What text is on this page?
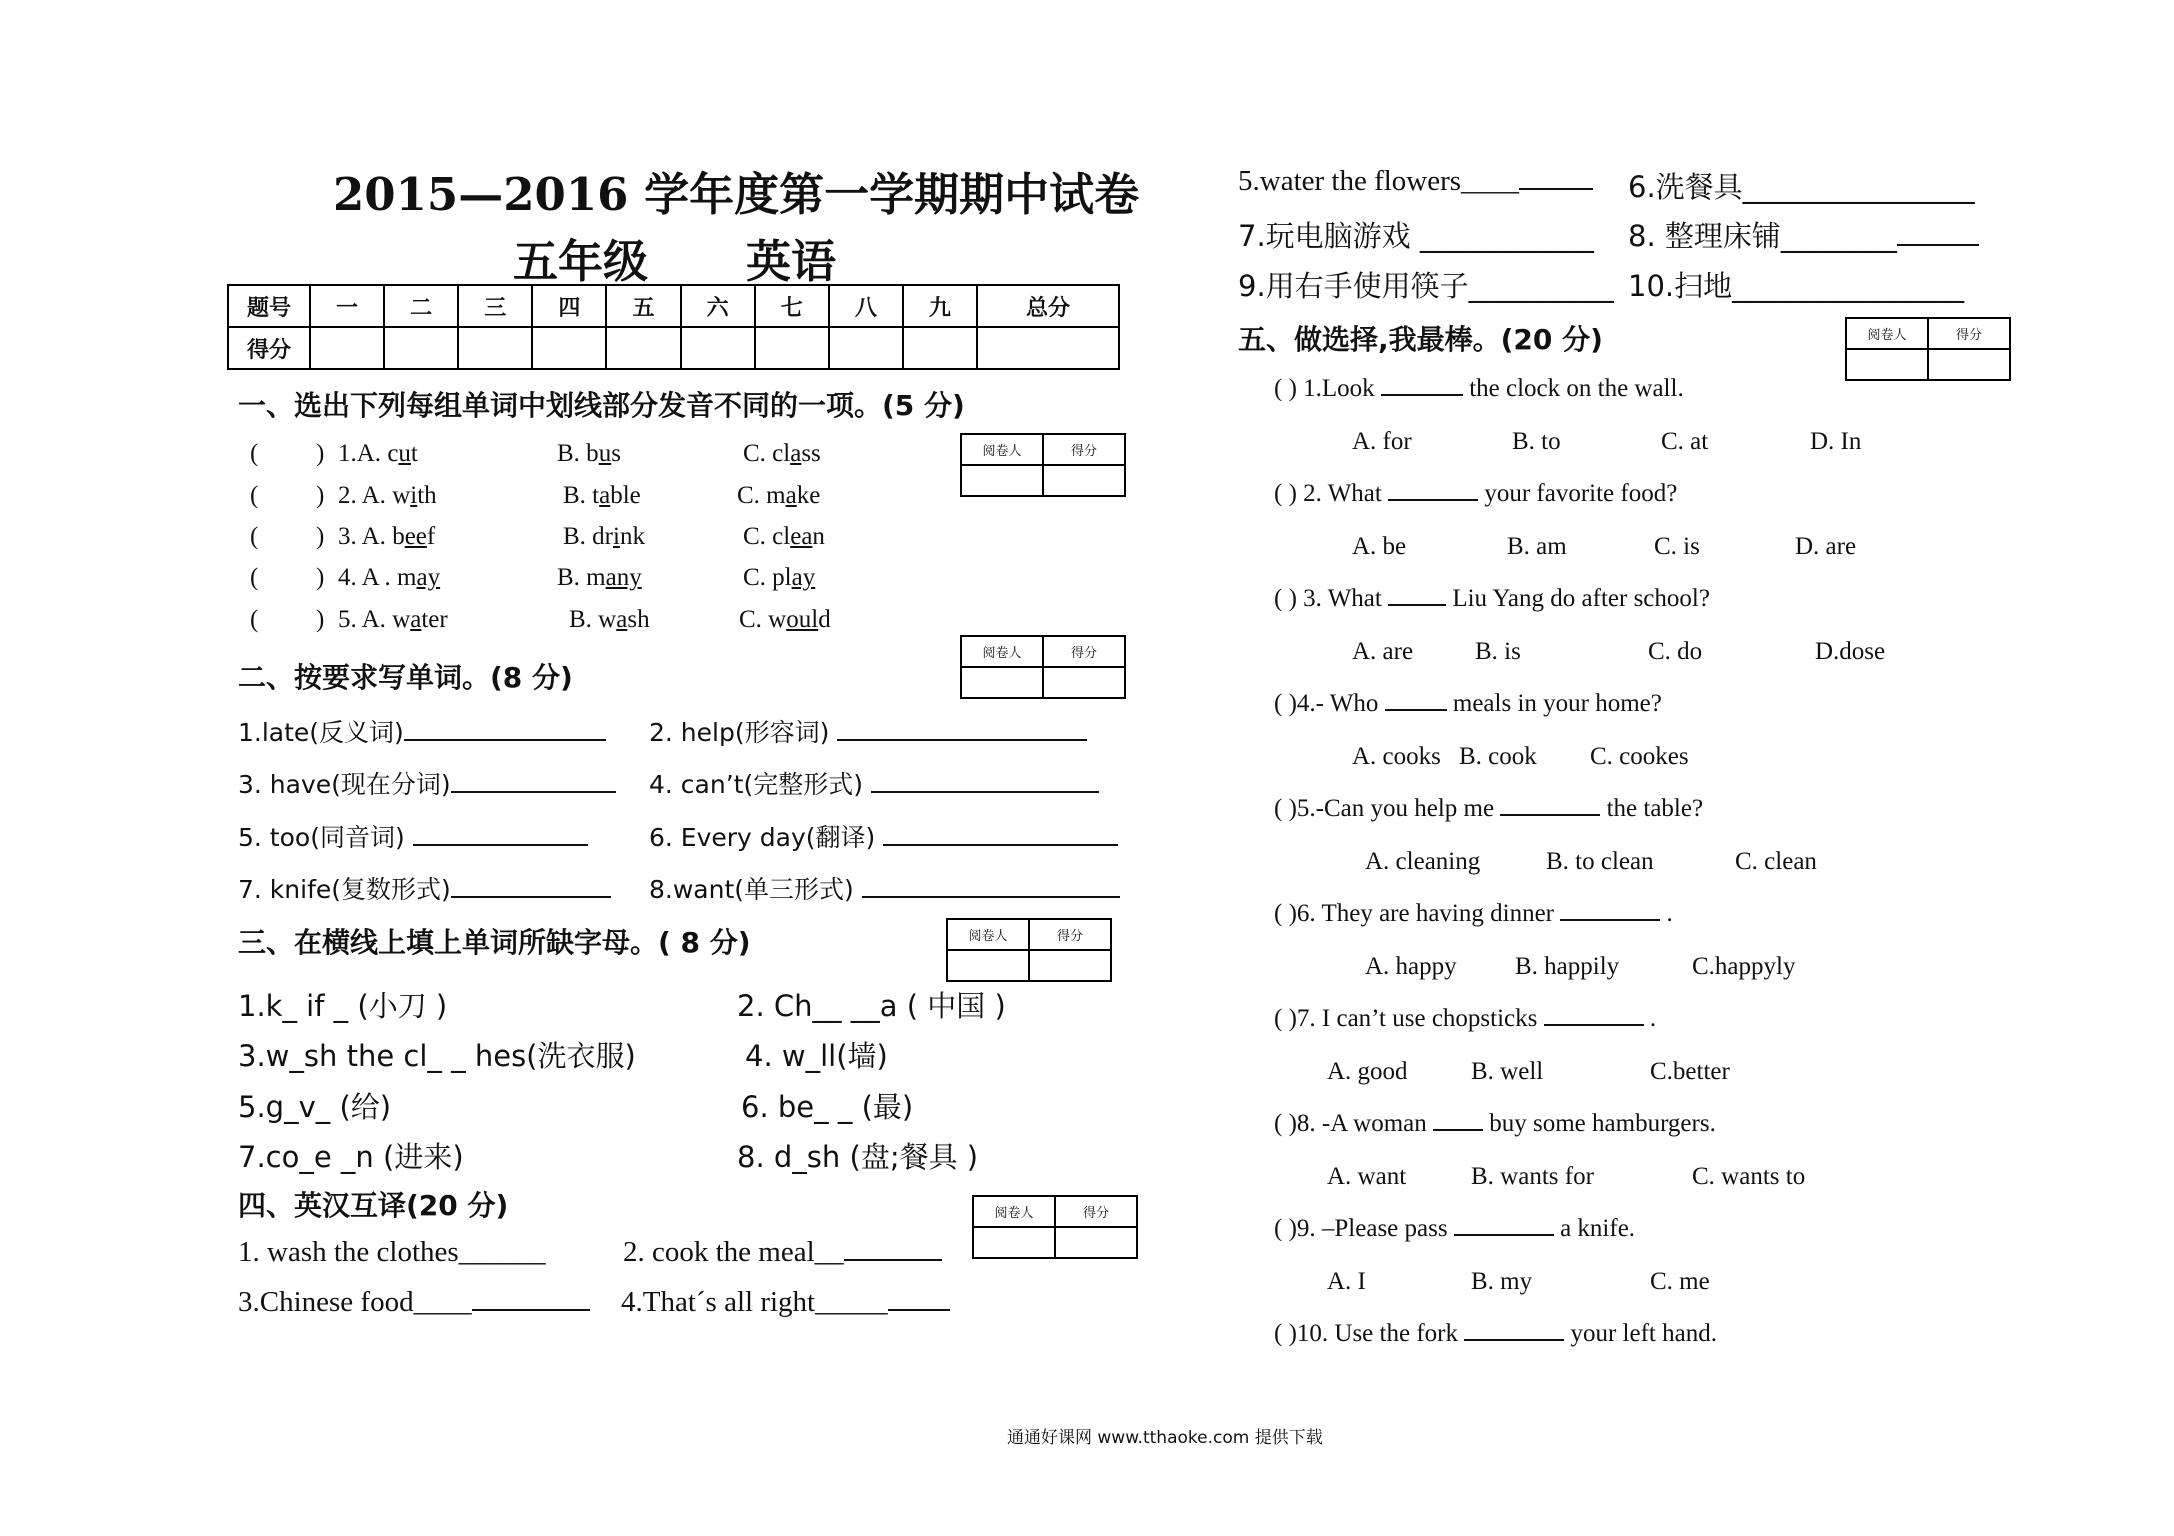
2015—2016 学年度第一学期期中试卷
五年级 英语
题号	一	二	三	四	五	六	七	八	九	总分
得分										
一、选出下列每组单词中划线部分发音不同的一项。(5 分)
阅卷人	得分

( ) 1.A. cut	B. bus	C. class
( ) 2. A. with	B. table	C. make
( ) 3. A. beef	B. drink	C. clean
( ) 4. A . may	B. many	C. play
( ) 5. A. water	B. wash	C. would
二、按要求写单词。(8 分)
阅卷人	得分

1.late(反义词)	2. help(形容词)
3. have(现在分词)	4. can’t(完整形式)
5. too(同音词)	6. Every day(翻译)
7. knife(复数形式)	8.want(单三形式)
三、在横线上填上单词所缺字母。( 8 分)	阅卷人	得分

1.k_ if _ (小刀 )	2. Ch__ __a ( 中国 )
3.w_sh the cl_ _ hes(洗衣服)	4. w_ll(墙)
5.g_v_ (给)	6. be_ _ (最)
7.co_e _n (进来)	8. d_sh (盘;餐具 )
四、英汉互译(20 分)	阅卷人	得分

1. wash the clothes______	2. cook the meal__
3.Chinese food____	4.That´s all right_____
5.water the flowers____	6.洗餐具________________
7.玩电脑游戏 ____________ 8. 整理床铺________
9.用右手使用筷子__________ 10.扫地________________
五、做选择,我最棒。(20 分)	阅卷人	得分

( ) 1.Look	the clock on the wall.
A. for	B. to	C. at	D. In
( ) 2. What	your favorite food?
A. be	B. am	C. is	D. are
( ) 3. What  Liu Yang do after school?
A. are B. is	C. do	D.dose
( )4.- Who  meals in your home?
A. cooks B. cook C. cookes
( )5.-Can you help me	the table?
A. cleaning	B. to clean	C. clean
( )6. They are having dinner	.
A. happy B. happily	C.happyly
( )7. I can’t use chopsticks	.
A. good	B. well	C.better
( )8. -A woman  buy some hamburgers.
A. want	B. wants for	C. wants to
( )9. –Please pass	a knife.
A. I	B. my	C. me
( )10. Use the fork	your left hand.
通通好课网 www.tthaoke.com 提供下载
